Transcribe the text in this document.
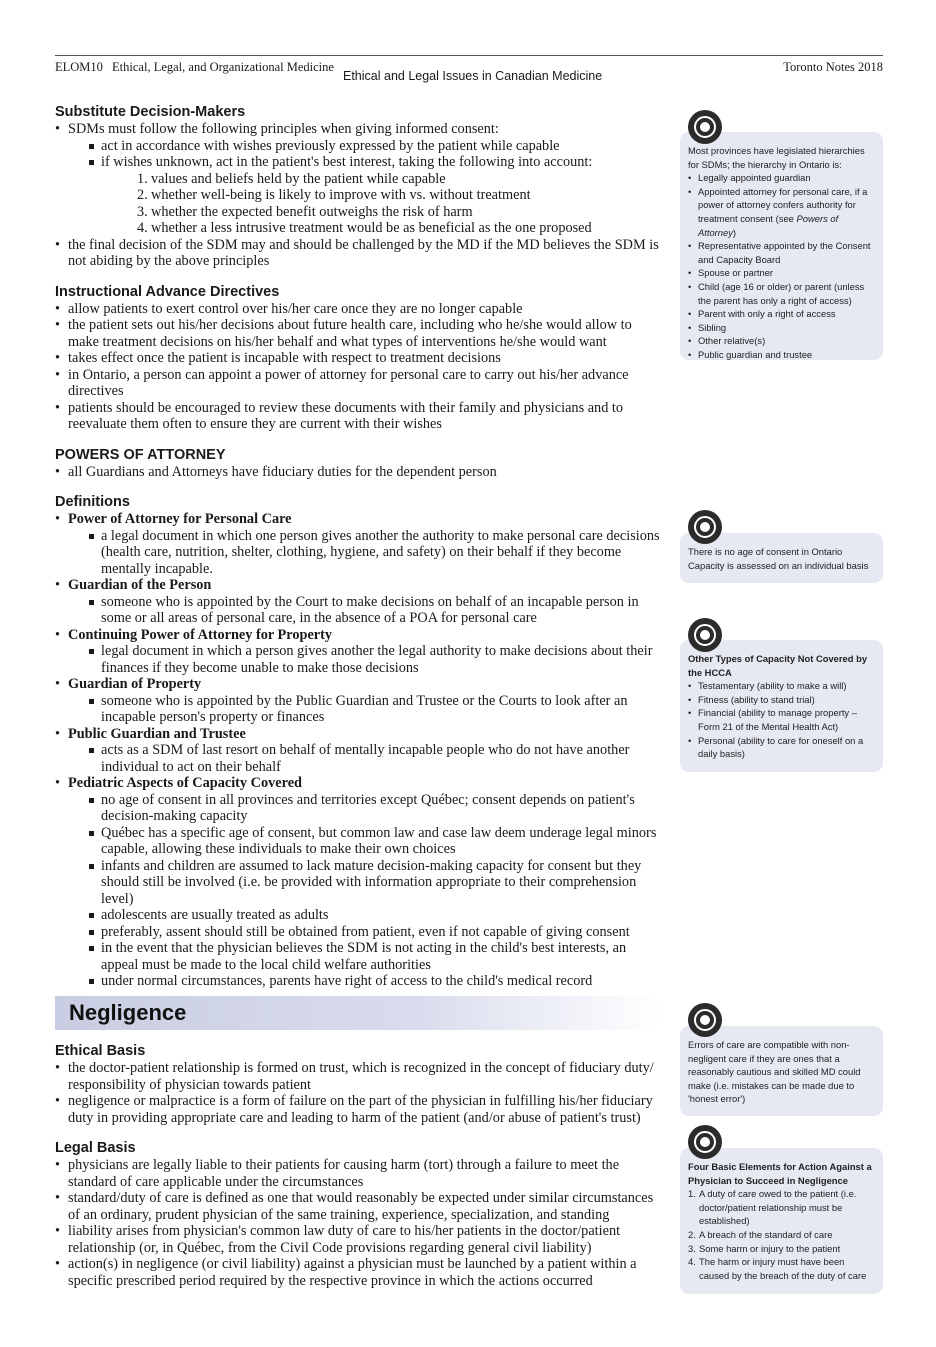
ELOM10 Ethical, Legal, and Organizational Medicine
Ethical and Legal Issues in Canadian Medicine
Toronto Notes 2018
Substitute Decision-Makers
• SDMs must follow the following principles when giving informed consent:
act in accordance with wishes previously expressed by the patient while capable
if wishes unknown, act in the patient's best interest, taking the following into account:
1. values and beliefs held by the patient while capable
2. whether well-being is likely to improve with vs. without treatment
3. whether the expected benefit outweighs the risk of harm
4. whether a less intrusive treatment would be as beneficial as the one proposed
• the final decision of the SDM may and should be challenged by the MD if the MD believes the SDM is not abiding by the above principles
Instructional Advance Directives
• allow patients to exert control over his/her care once they are no longer capable
• the patient sets out his/her decisions about future health care, including who he/she would allow to make treatment decisions on his/her behalf and what types of interventions he/she would want
• takes effect once the patient is incapable with respect to treatment decisions
• in Ontario, a person can appoint a power of attorney for personal care to carry out his/her advance directives
• patients should be encouraged to review these documents with their family and physicians and to reevaluate them often to ensure they are current with their wishes
POWERS OF ATTORNEY
• all Guardians and Attorneys have fiduciary duties for the dependent person
Definitions
• Power of Attorney for Personal Care
a legal document in which one person gives another the authority to make personal care decisions (health care, nutrition, shelter, clothing, hygiene, and safety) on their behalf if they become mentally incapable.
• Guardian of the Person
someone who is appointed by the Court to make decisions on behalf of an incapable person in some or all areas of personal care, in the absence of a POA for personal care
• Continuing Power of Attorney for Property
legal document in which a person gives another the legal authority to make decisions about their finances if they become unable to make those decisions
• Guardian of Property
someone who is appointed by the Public Guardian and Trustee or the Courts to look after an incapable person's property or finances
• Public Guardian and Trustee
acts as a SDM of last resort on behalf of mentally incapable people who do not have another individual to act on their behalf
• Pediatric Aspects of Capacity Covered
no age of consent in all provinces and territories except Québec; consent depends on patient's decision-making capacity
Québec has a specific age of consent, but common law and case law deem underage legal minors capable, allowing these individuals to make their own choices
infants and children are assumed to lack mature decision-making capacity for consent but they should still be involved (i.e. be provided with information appropriate to their comprehension level)
adolescents are usually treated as adults
preferably, assent should still be obtained from patient, even if not capable of giving consent
in the event that the physician believes the SDM is not acting in the child's best interests, an appeal must be made to the local child welfare authorities
under normal circumstances, parents have right of access to the child's medical record
Negligence
Ethical Basis
• the doctor-patient relationship is formed on trust, which is recognized in the concept of fiduciary duty/ responsibility of physician towards patient
• negligence or malpractice is a form of failure on the part of the physician in fulfilling his/her fiduciary duty in providing appropriate care and leading to harm of the patient (and/or abuse of patient's trust)
Legal Basis
• physicians are legally liable to their patients for causing harm (tort) through a failure to meet the standard of care applicable under the circumstances
• standard/duty of care is defined as one that would reasonably be expected under similar circumstances of an ordinary, prudent physician of the same training, experience, specialization, and standing
• liability arises from physician's common law duty of care to his/her patients in the doctor/patient relationship (or, in Québec, from the Civil Code provisions regarding general civil liability)
• action(s) in negligence (or civil liability) against a physician must be launched by a patient within a specific prescribed period required by the respective province in which the actions occurred
Most provinces have legislated hierarchies for SDMs; the hierarchy in Ontario is:
• Legally appointed guardian
• Appointed attorney for personal care, if a power of attorney confers authority for treatment consent (see Powers of Attorney)
• Representative appointed by the Consent and Capacity Board
• Spouse or partner
• Child (age 16 or older) or parent (unless the parent has only a right of access)
• Parent with only a right of access
• Sibling
• Other relative(s)
• Public guardian and trustee
There is no age of consent in Ontario
Capacity is assessed on an individual basis
Other Types of Capacity Not Covered by the HCCA
• Testamentary (ability to make a will)
• Fitness (ability to stand trial)
• Financial (ability to manage property – Form 21 of the Mental Health Act)
• Personal (ability to care for oneself on a daily basis)
Errors of care are compatible with non-negligent care if they are ones that a reasonably cautious and skilled MD could make (i.e. mistakes can be made due to 'honest error')
Four Basic Elements for Action Against a Physician to Succeed in Negligence
1. A duty of care owed to the patient (i.e. doctor/patient relationship must be established)
2. A breach of the standard of care
3. Some harm or injury to the patient
4. The harm or injury must have been caused by the breach of the duty of care
